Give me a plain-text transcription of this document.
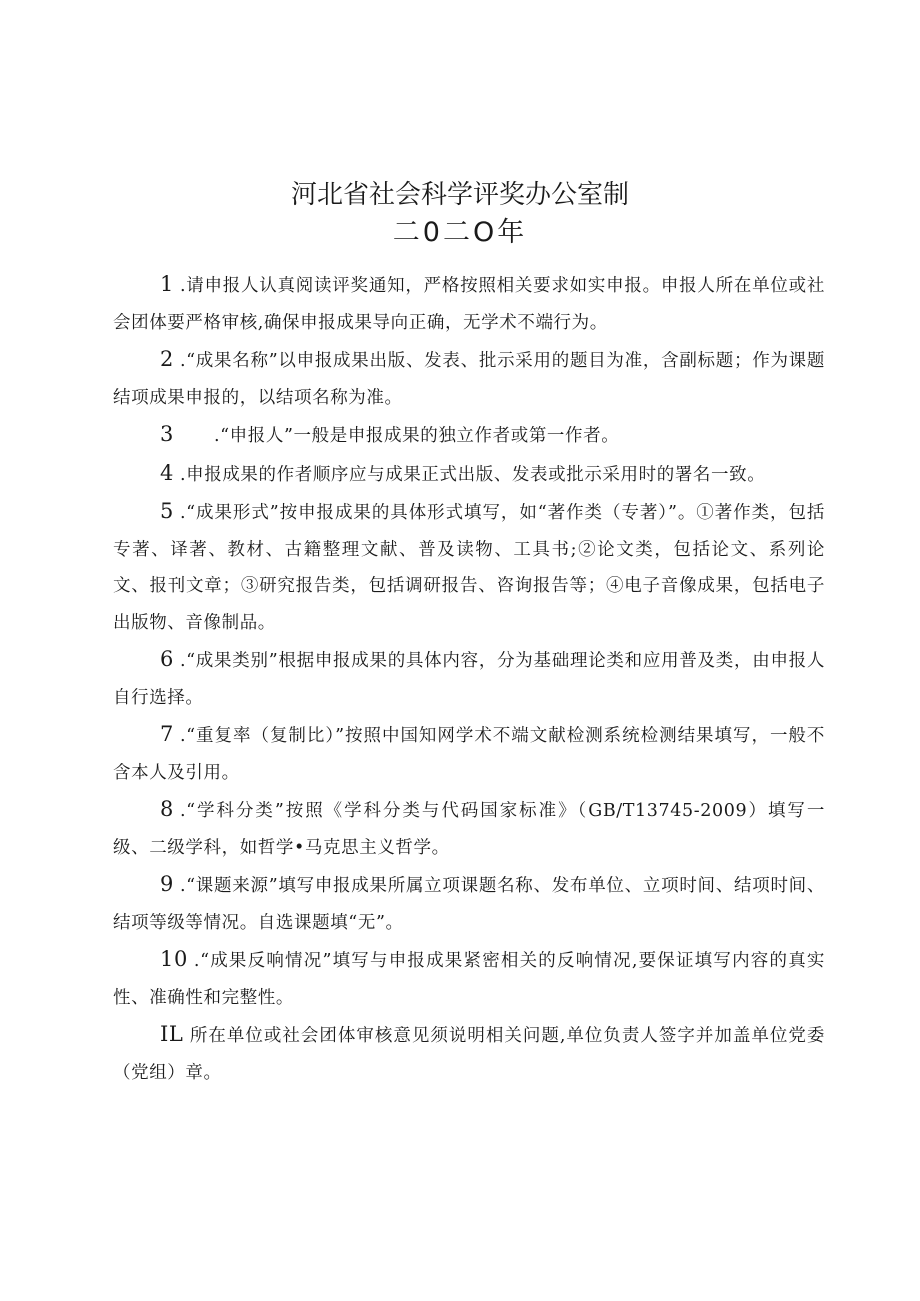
河北省社会科学评奖办公室制
二0二O年

1 .请申报人认真阅读评奖通知，严格按照相关要求如实申报。申报人所在单位或社会团体要严格审核,确保申报成果导向正确，无学术不端行为。

2 .“成果名称”以申报成果出版、发表、批示采用的题目为准，含副标题；作为课题结项成果申报的，以结项名称为准。

3 .“申报人”一般是申报成果的独立作者或第一作者。

4 .申报成果的作者顺序应与成果正式出版、发表或批示采用时的署名一致。

5 .“成果形式”按申报成果的具体形式填写，如“著作类（专著）”。①著作类，包括专著、译著、教材、古籍整理文献、普及读物、工具书;②论文类，包括论文、系列论文、报刊文章；③研究报告类，包括调研报告、咨询报告等；④电子音像成果，包括电子出版物、音像制品。

6 .“成果类别”根据申报成果的具体内容，分为基础理论类和应用普及类，由申报人自行选择。

7 .“重复率（复制比）”按照中国知网学术不端文献检测系统检测结果填写，一般不含本人及引用。

8 .“学科分类”按照《学科分类与代码国家标准》（GB/T13745-2009）填写一级、二级学科，如哲学•马克思主义哲学。

9 .“课题来源”填写申报成果所属立项课题名称、发布单位、立项时间、结项时间、结项等级等情况。自选课题填“无”。

10 .“成果反响情况”填写与申报成果紧密相关的反响情况,要保证填写内容的真实性、准确性和完整性。

IL 所在单位或社会团体审核意见须说明相关问题,单位负责人签字并加盖单位党委（党组）章。
